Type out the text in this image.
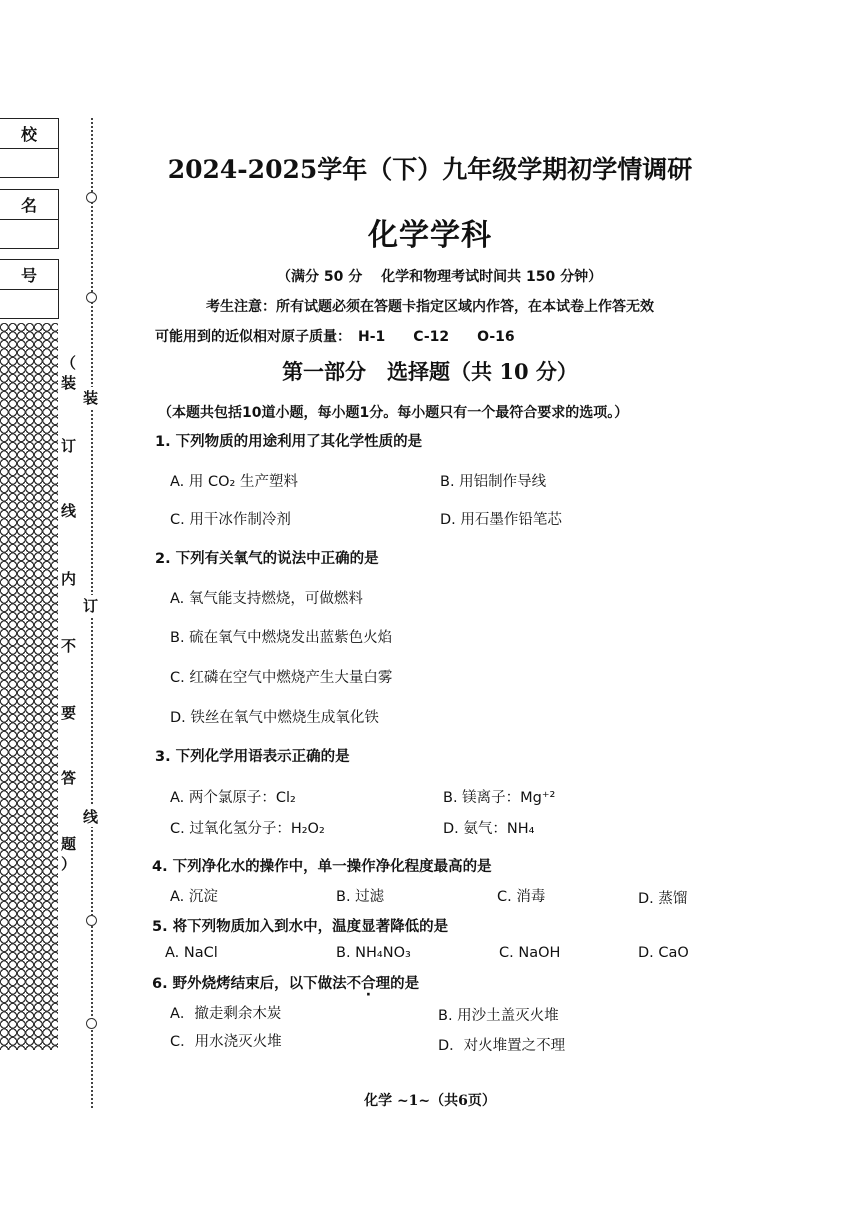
校
名
号
（
装
订
线
内
不
要
答
题
）
装
订
线
2024-2025学年（下）九年级学期初学情调研
化学学科
（满分 50 分　 化学和物理考试时间共 150 分钟）
考生注意：所有试题必须在答题卡指定区域内作答，在本试卷上作答无效
可能用到的近似相对原子质量：　H-1　　C-12　　O-16
第一部分　选择题（共 10 分）
（本题共包括10道小题，每小题1分。每小题只有一个最符合要求的选项。）
1. 下列物质的用途利用了其化学性质的是
A. 用 CO₂ 生产塑料	B. 用铝制作导线
C. 用干冰作制冷剂	D. 用石墨作铅笔芯
2. 下列有关氧气的说法中正确的是
A. 氧气能支持燃烧，可做燃料
B. 硫在氧气中燃烧发出蓝紫色火焰
C. 红磷在空气中燃烧产生大量白雾
D. 铁丝在氧气中燃烧生成氧化铁
3. 下列化学用语表示正确的是
A. 两个氯原子：Cl₂	B. 镁离子：Mg⁺²
C. 过氧化氢分子：H₂O₂	D. 氨气：NH₄
4. 下列净化水的操作中，单一操作净化程度最高的是
A. 沉淀	B. 过滤	C. 消毒	D. 蒸馏
5. 将下列物质加入到水中，温度显著降低的是
A. NaCl	B. NH₄NO₃	C. NaOH	D. CaO
6. 野外烧烤结束后，以下做法不合理的是
A．撤走剩余木炭	B. 用沙土盖灭火堆
C．用水浇灭火堆	D．对火堆置之不理
化学 ~1~（共6页）
